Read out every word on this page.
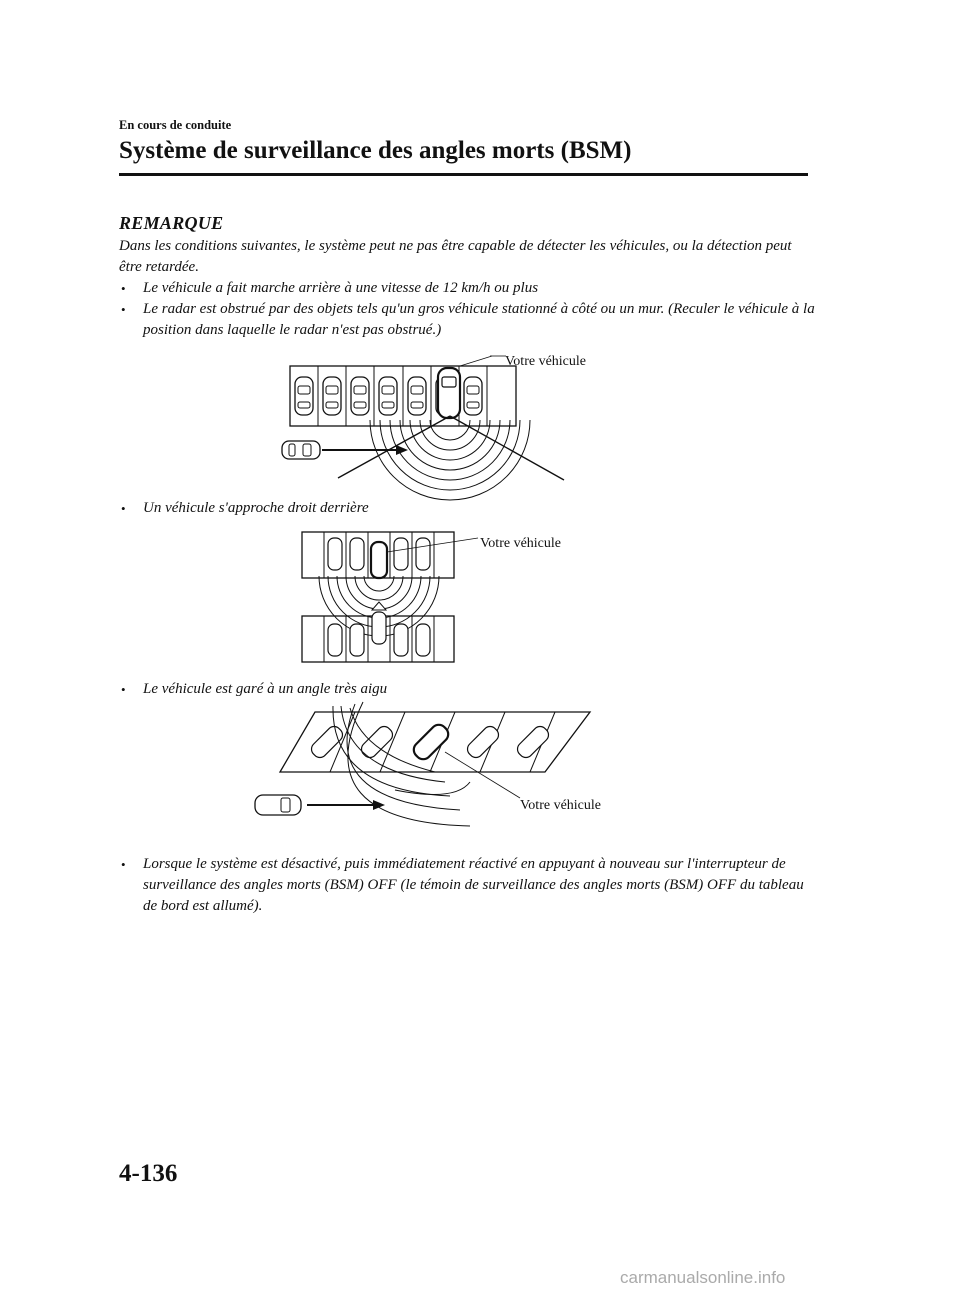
En cours de conduite
Système de surveillance des angles morts (BSM)
REMARQUE
Dans les conditions suivantes, le système peut ne pas être capable de détecter les véhicules, ou la détection peut être retardée.
•	Le véhicule a fait marche arrière à une vitesse de 12 km/h ou plus
•	Le radar est obstrué par des objets tels qu'un gros véhicule stationné à côté ou un mur. (Reculer le véhicule à la position dans laquelle le radar n'est pas obstrué.)
Votre véhicule
•	Un véhicule s'approche droit derrière
Votre véhicule
•	Le véhicule est garé à un angle très aigu
Votre véhicule
•	Lorsque le système est désactivé, puis immédiatement réactivé en appuyant à nouveau sur l'interrupteur de surveillance des angles morts (BSM) OFF (le témoin de surveillance des angles morts (BSM) OFF du tableau de bord est allumé).
4-136
carmanualsonline.info
